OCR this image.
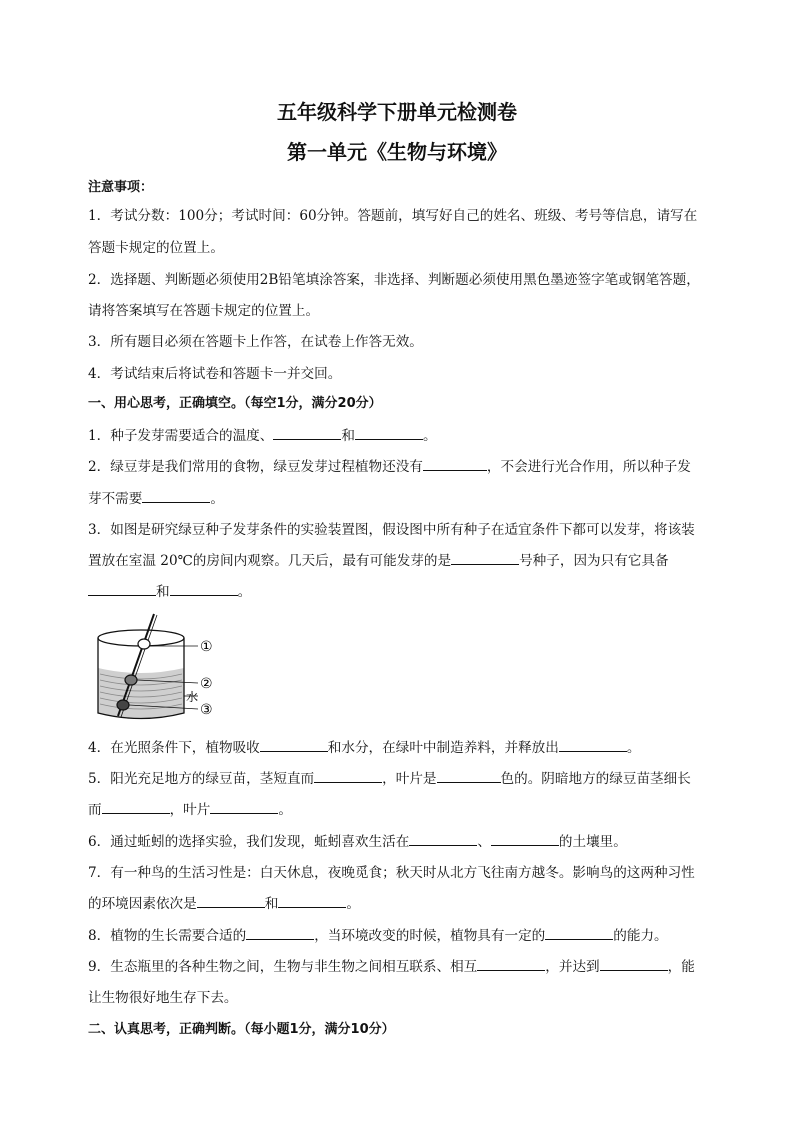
五年级科学下册单元检测卷
第一单元《生物与环境》
注意事项：
1．考试分数：100分；考试时间：60分钟。答题前，填写好自己的姓名、班级、考号等信息，请写在
答题卡规定的位置上。
2．选择题、判断题必须使用2B铅笔填涂答案，非选择、判断题必须使用黑色墨迹签字笔或钢笔答题，
请将答案填写在答题卡规定的位置上。
3．所有题目必须在答题卡上作答，在试卷上作答无效。
4．考试结束后将试卷和答题卡一并交回。
一、用心思考，正确填空。（每空1分，满分20分）
1．种子发芽需要适合的温度、	和	。
2．绿豆芽是我们常用的食物，绿豆发芽过程植物还没有	，不会进行光合作用，所以种子发
芽不需要	。
3．如图是研究绿豆种子发芽条件的实验装置图，假设图中所有种子在适宜条件下都可以发芽，将该装
置放在室温 20℃的房间内观察。几天后，最有可能发芽的是	号种子，因为只有它具备
和	。
①
②
水
③
4．在光照条件下，植物吸收	和水分，在绿叶中制造养料，并释放出	。
5．阳光充足地方的绿豆苗，茎短直而	，叶片是	色的。阴暗地方的绿豆苗茎细长
而	，叶片	。
6．通过蚯蚓的选择实验，我们发现，蚯蚓喜欢生活在	、	的土壤里。
7．有一种鸟的生活习性是：白天休息，夜晚觅食；秋天时从北方飞往南方越冬。影响鸟的这两种习性
的环境因素依次是	和	。
8．植物的生长需要合适的	，当环境改变的时候，植物具有一定的	的能力。
9．生态瓶里的各种生物之间，生物与非生物之间相互联系、相互	，并达到	，能
让生物很好地生存下去。
二、认真思考，正确判断。（每小题1分，满分10分）
